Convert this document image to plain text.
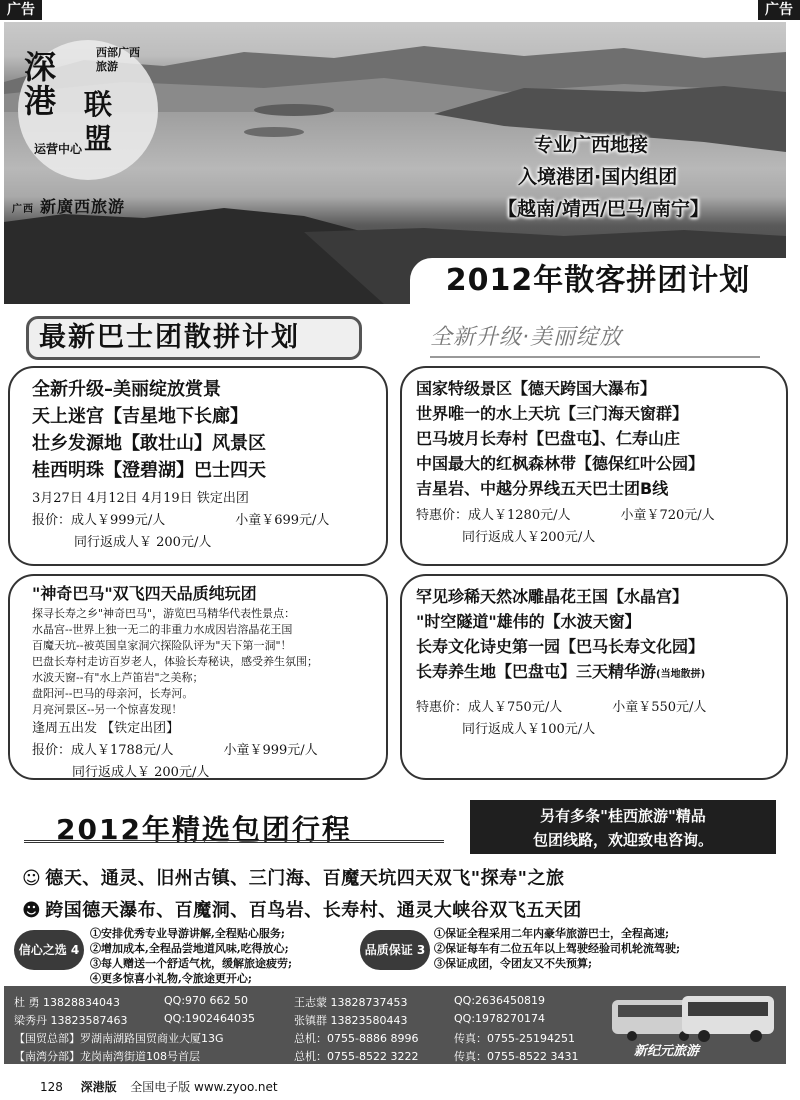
广告	广告
深港 联盟
西部广西旅游
运营中心
广西 新廣西旅游
专业广西地接
入境港团·国内组团
【越南/靖西/巴马/南宁】
2012年散客拼团计划
最新巴士团散拼计划	全新升级·美丽绽放
全新升级–美丽绽放赏景
天上迷宫【吉星地下长廊】
壮乡发源地【敢壮山】风景区
桂西明珠【澄碧湖】巴士四天
3月27日 4月12日 4月19日 铁定出团
报价：成人￥999元/人	小童￥699元/人
同行返成人￥ 200元/人
国家特级景区【德天跨国大瀑布】
世界唯一的水上天坑【三门海天窗群】
巴马坡月长寿村【巴盘屯】、仁寿山庄
中国最大的红枫森林带【德保红叶公园】
吉星岩、中越分界线五天巴士团B线
特惠价：成人￥1280元/人	小童￥720元/人
同行返成人￥200元/人
"神奇巴马"双飞四天品质纯玩团
探寻长寿之乡"神奇巴马"，游览巴马精华代表性景点：
水晶宫--世界上独一无二的非重力水成因岩溶晶花王国
百魔天坑--被英国皇家洞穴探险队评为"天下第一洞"！
巴盘长寿村走访百岁老人，体验长寿秘诀，感受养生氛围；
水波天窗--有"水上芦笛岩"之美称；
盘阳河--巴马的母亲河，长寿河。
月亮河景区--另一个惊喜发现！
逢周五出发 【铁定出团】
报价：成人￥1788元/人	小童￥999元/人
同行返成人￥ 200元/人
罕见珍稀天然冰雕晶花王国【水晶宫】
"时空隧道"雄伟的【水波天窗】
长寿文化诗史第一园【巴马长寿文化园】
长寿养生地【巴盘屯】三天精华游(当地散拼)
特惠价：成人￥750元/人	小童￥550元/人
同行返成人￥100元/人
2012年精选包团行程	另有多条"桂西旅游"精品
包团线路，欢迎致电咨询。
☺ 德天、通灵、旧州古镇、三门海、百魔天坑四天双飞"探寿"之旅
☻ 跨国德天瀑布、百魔洞、百鸟岩、长寿村、通灵大峡谷双飞五天团
信心之选 4
①安排优秀专业导游讲解,全程贴心服务;
②增加成本,全程品尝地道风味,吃得放心;
③每人赠送一个舒适气枕，缓解旅途疲劳;
④更多惊喜小礼物,令旅途更开心;
品质保证 3
①保证全程采用二年内豪华旅游巴士，全程高速;
②保证每车有二位五年以上驾驶经验司机轮流驾驶;
③保证成团，令团友又不失预算;
杜 勇 13828834043	QQ:970 662 50	王志蒙 13828737453	QQ:2636450819
梁秀丹 13823587463	QQ:1902464035	张镇群 13823580443	QQ:1978270174
【国贸总部】罗湖南湖路国贸商业大厦13G	总机：0755-8886 8996	传真：0755-25194251
【南湾分部】龙岗南湾街道108号首层	总机：0755-8522 3222	传真：0755-8522 3431	新纪元旅游
128 深港版 全国电子版 www.zyoo.net
